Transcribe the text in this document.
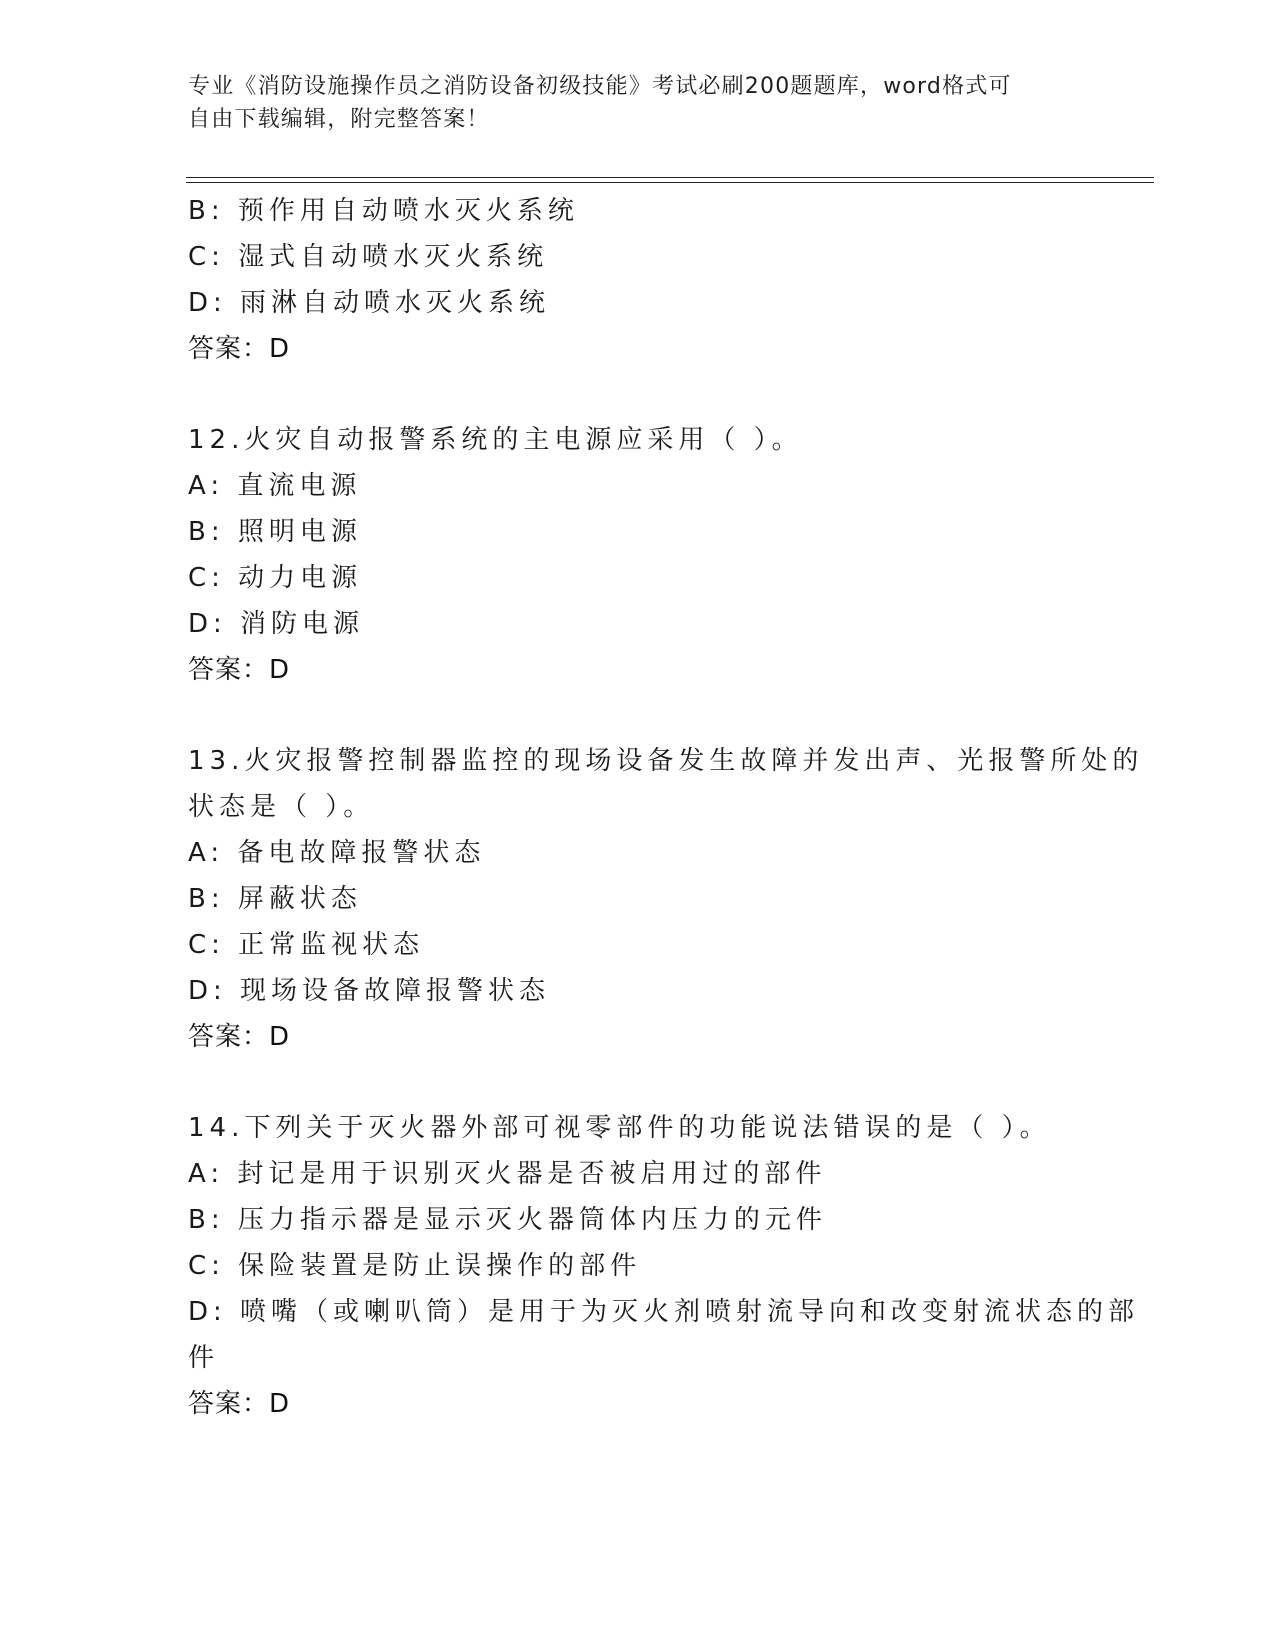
专业《消防设施操作员之消防设备初级技能》考试必刷200题题库，word格式可
自由下载编辑，附完整答案！
B: 预作用自动喷水灭火系统
C: 湿式自动喷水灭火系统
D: 雨淋自动喷水灭火系统
答案：D
12.火灾自动报警系统的主电源应采用（ ）。
A: 直流电源
B: 照明电源
C: 动力电源
D: 消防电源
答案：D
13.火灾报警控制器监控的现场设备发生故障并发出声、光报警所处的
状态是（ ）。
A: 备电故障报警状态
B: 屏蔽状态
C: 正常监视状态
D: 现场设备故障报警状态
答案：D
14.下列关于灭火器外部可视零部件的功能说法错误的是（ ）。
A: 封记是用于识别灭火器是否被启用过的部件
B: 压力指示器是显示灭火器筒体内压力的元件
C: 保险装置是防止误操作的部件
D: 喷嘴（或喇叭筒）是用于为灭火剂喷射流导向和改变射流状态的部
件
答案：D
